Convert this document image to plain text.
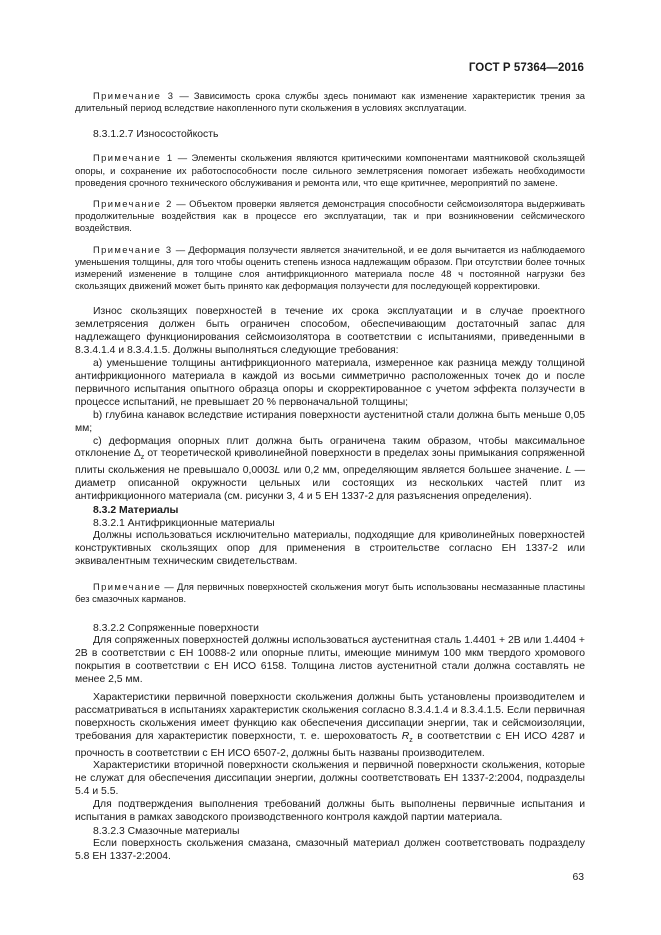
ГОСТ Р 57364—2016

Примечание 3 — Зависимость срока службы здесь понимают как изменение характеристик трения за длительный период вследствие накопленного пути скольжения в условиях эксплуатации.

8.3.1.2.7 Износостойкость

Примечание 1 — Элементы скольжения являются критическими компонентами маятниковой скользящей опоры, и сохранение их работоспособности после сильного землетрясения помогает избежать необходимости проведения срочного технического обслуживания и ремонта или, что еще критичнее, мероприятий по замене.

Примечание 2 — Объектом проверки является демонстрация способности сейсмоизолятора выдерживать продолжительные воздействия как в процессе его эксплуатации, так и при возникновении сейсмического воздействия.

Примечание 3 — Деформация ползучести является значительной, и ее доля вычитается из наблюдаемого уменьшения толщины, для того чтобы оценить степень износа надлежащим образом. При отсутствии более точных измерений изменение в толщине слоя антифрикционного материала после 48 ч постоянной нагрузки без скользящих движений может быть принято как деформация ползучести для последующей корректировки.

Износ скользящих поверхностей в течение их срока эксплуатации и в случае проектного землетрясения должен быть ограничен способом, обеспечивающим достаточный запас для надлежащего функционирования сейсмоизолятора в соответствии с испытаниями, приведенными в 8.3.4.1.4 и 8.3.4.1.5. Должны выполняться следующие требования:

а) уменьшение толщины антифрикционного материала, измеренное как разница между толщиной антифрикционного материала в каждой из восьми симметрично расположенных точек до и после первичного испытания опытного образца опоры и скорректированное с учетом эффекта ползучести в процессе испытаний, не превышает 20 % первоначальной толщины;

b) глубина канавок вследствие истирания поверхности аустенитной стали должна быть меньше 0,05 мм;

с) деформация опорных плит должна быть ограничена таким образом, чтобы максимальное отклонение $\Delta_z$ от теоретической криволинейной поверхности в пределах зоны примыкания сопряженной плиты скольжения не превышало 0,0003L или 0,2 мм, определяющим является большее значение. L — диаметр описанной окружности цельных или состоящих из нескольких частей плит из антифрикционного материала (см. рисунки 3, 4 и 5 ЕН 1337-2 для разъяснения определения).

8.3.2 Материалы

8.3.2.1 Антифрикционные материалы

Должны использоваться исключительно материалы, подходящие для криволинейных поверхностей конструктивных скользящих опор для применения в строительстве согласно ЕН 1337-2 или эквивалентным техническим свидетельствам.

Примечание — Для первичных поверхностей скольжения могут быть использованы несмазанные пластины без смазочных карманов.

8.3.2.2 Сопряженные поверхности

Для сопряженных поверхностей должны использоваться аустенитная сталь 1.4401 + 2В или 1.4404 + 2В в соответствии с ЕН 10088-2 или опорные плиты, имеющие минимум 100 мкм твердого хромового покрытия в соответствии с ЕН ИСО 6158. Толщина листов аустенитной стали должна составлять не менее 2,5 мм.

Характеристики первичной поверхности скольжения должны быть установлены производителем и рассматриваться в испытаниях характеристик скольжения согласно 8.3.4.1.4 и 8.3.4.1.5. Если первичная поверхность скольжения имеет функцию как обеспечения диссипации энергии, так и сейсмоизоляции, требования для характеристик поверхности, т. е. шероховатость $R_z$ в соответствии с ЕН ИСО 4287 и прочность в соответствии с ЕН ИСО 6507-2, должны быть названы производителем.

Характеристики вторичной поверхности скольжения и первичной поверхности скольжения, которые не служат для обеспечения диссипации энергии, должны соответствовать ЕН 1337-2:2004, подразделы 5.4 и 5.5.

Для подтверждения выполнения требований должны быть выполнены первичные испытания и испытания в рамках заводского производственного контроля каждой партии материала.

8.3.2.3 Смазочные материалы

Если поверхность скольжения смазана, смазочный материал должен соответствовать подразделу 5.8 ЕН 1337-2:2004.

63
